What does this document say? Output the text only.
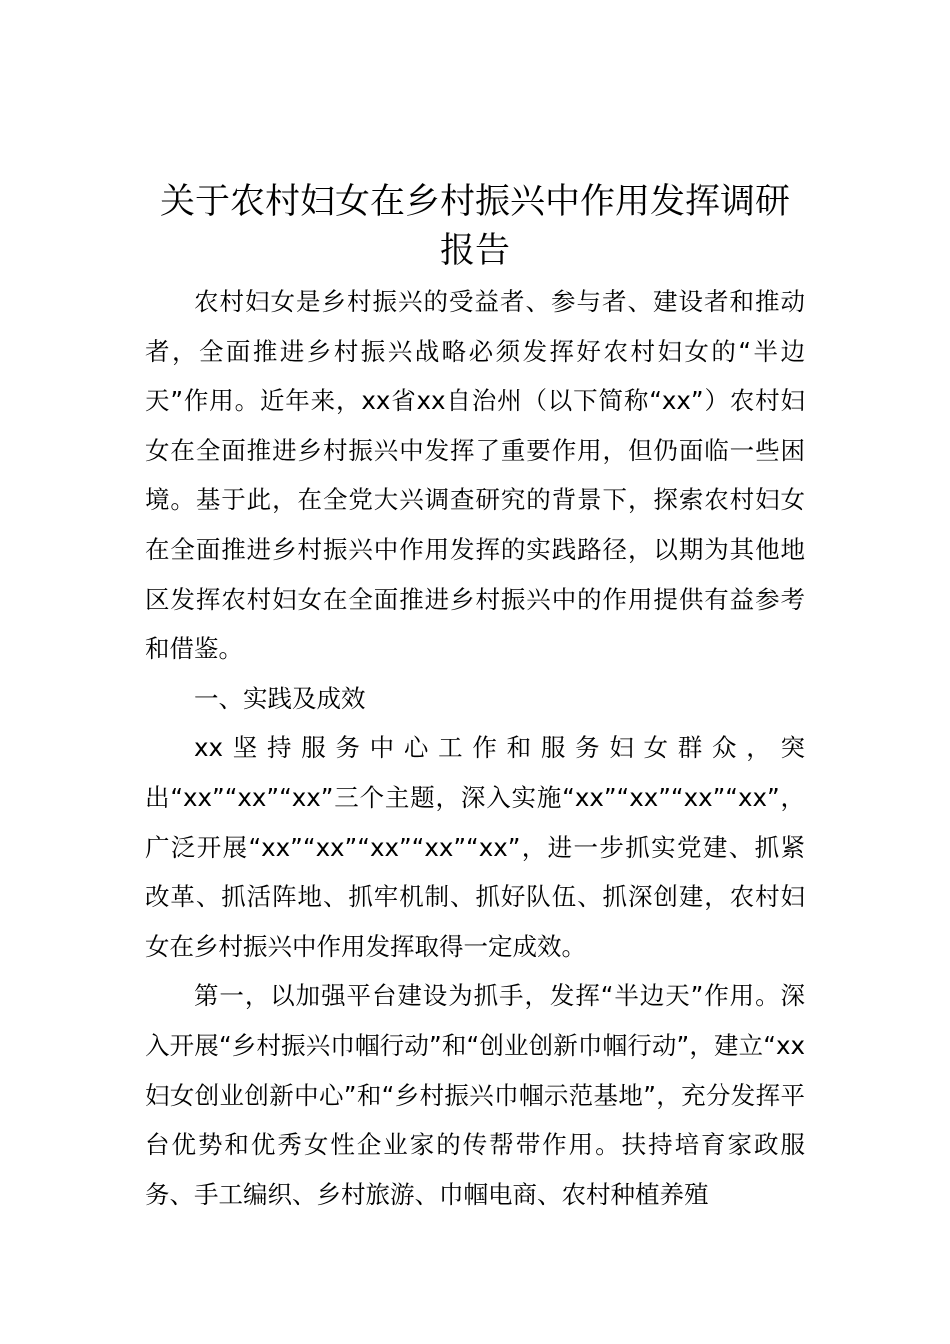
关于农村妇女在乡村振兴中作用发挥调研报告

农村妇女是乡村振兴的受益者、参与者、建设者和推动者，全面推进乡村振兴战略必须发挥好农村妇女的“半边天”作用。近年来，xx省xx自治州（以下简称“xx”）农村妇女在全面推进乡村振兴中发挥了重要作用，但仍面临一些困境。基于此，在全党大兴调查研究的背景下，探索农村妇女在全面推进乡村振兴中作用发挥的实践路径，以期为其他地区发挥农村妇女在全面推进乡村振兴中的作用提供有益参考和借鉴。

一、实践及成效

xx坚持服务中心工作和服务妇女群众，突出“xx”“xx”“xx”三个主题，深入实施“xx”“xx”“xx”“xx”，广泛开展“xx”“xx”“xx”“xx”“xx”，进一步抓实党建、抓紧改革、抓活阵地、抓牢机制、抓好队伍、抓深创建，农村妇女在乡村振兴中作用发挥取得一定成效。

第一，以加强平台建设为抓手，发挥“半边天”作用。深入开展“乡村振兴巾帼行动”和“创业创新巾帼行动”，建立“xx妇女创业创新中心”和“乡村振兴巾帼示范基地”，充分发挥平台优势和优秀女性企业家的传帮带作用。扶持培育家政服务、手工编织、乡村旅游、巾帼电商、农村种植养殖
